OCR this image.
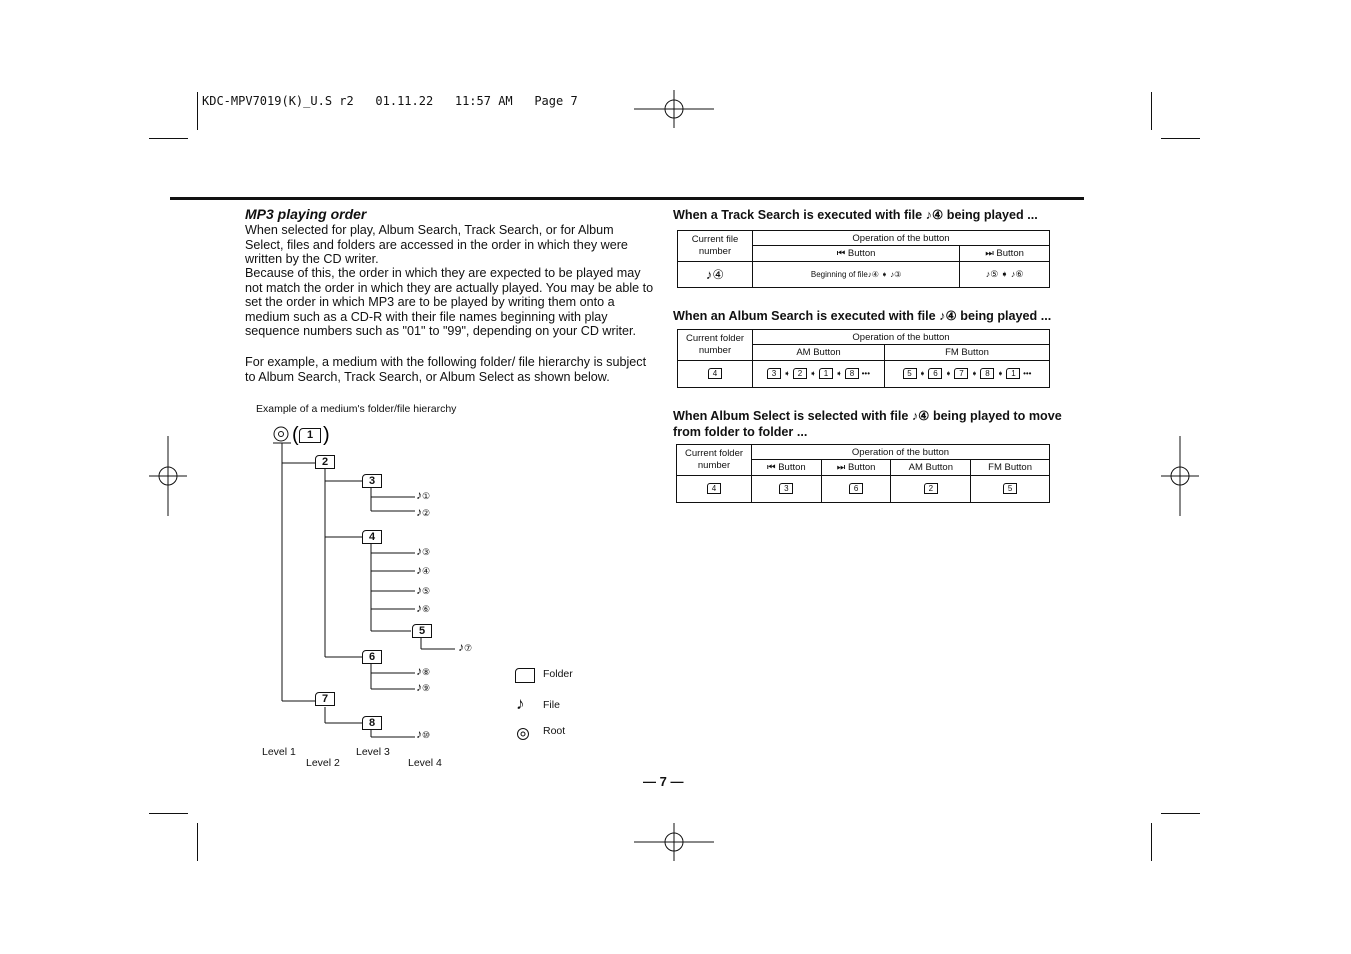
KDC-MPV7019(K)_U.S r2   01.11.22   11:57 AM   Page 7
MP3 playing order
When selected for play, Album Search, Track Search, or for Album Select, files and folders are accessed in the order in which they were written by the CD writer.
Because of this, the order in which they are expected to be played may not match the order in which they are actually played. You may be able to set the order in which MP3 are to be played by writing them onto a medium such as a CD-R with their file names beginning with play sequence numbers such as "01" to "99", depending on your CD writer.
For example, a medium with the following folder/ file hierarchy is subject to Album Search, Track Search, or Album Select as shown below.
Example of a medium's folder/file hierarchy
( )
1
2
3
4
5
6
7
8
♪①
♪②
♪③
♪④
♪⑤
♪⑥
♪⑦
♪⑧
♪⑨
♪⑩
Level 1
Level 2
Level 3
Level 4
Folder
♪ File
Root
When a Track Search is executed with file ♪④ being played ...
Current file number	Operation of the button	
	⏮ Button	⏭ Button
♪④	Beginning of file♪④ ➧ ♪③	♪⑤ ➧ ♪⑥
When an Album Search is executed with file ♪④ being played ...
Current folder number	Operation of the button	
	AM Button	FM Button
4	3 ➧ 2 ➧ 1 ➧ 8 •••	5 ➧ 6 ➧ 7 ➧ 8 ➧ 1 •••
When Album Select is selected with file ♪④ being played to move from folder to folder ...
Current folder number	Operation of the button			
	⏮ Button	⏭ Button	AM Button	FM Button
4	3	6	2	5
— 7 —
